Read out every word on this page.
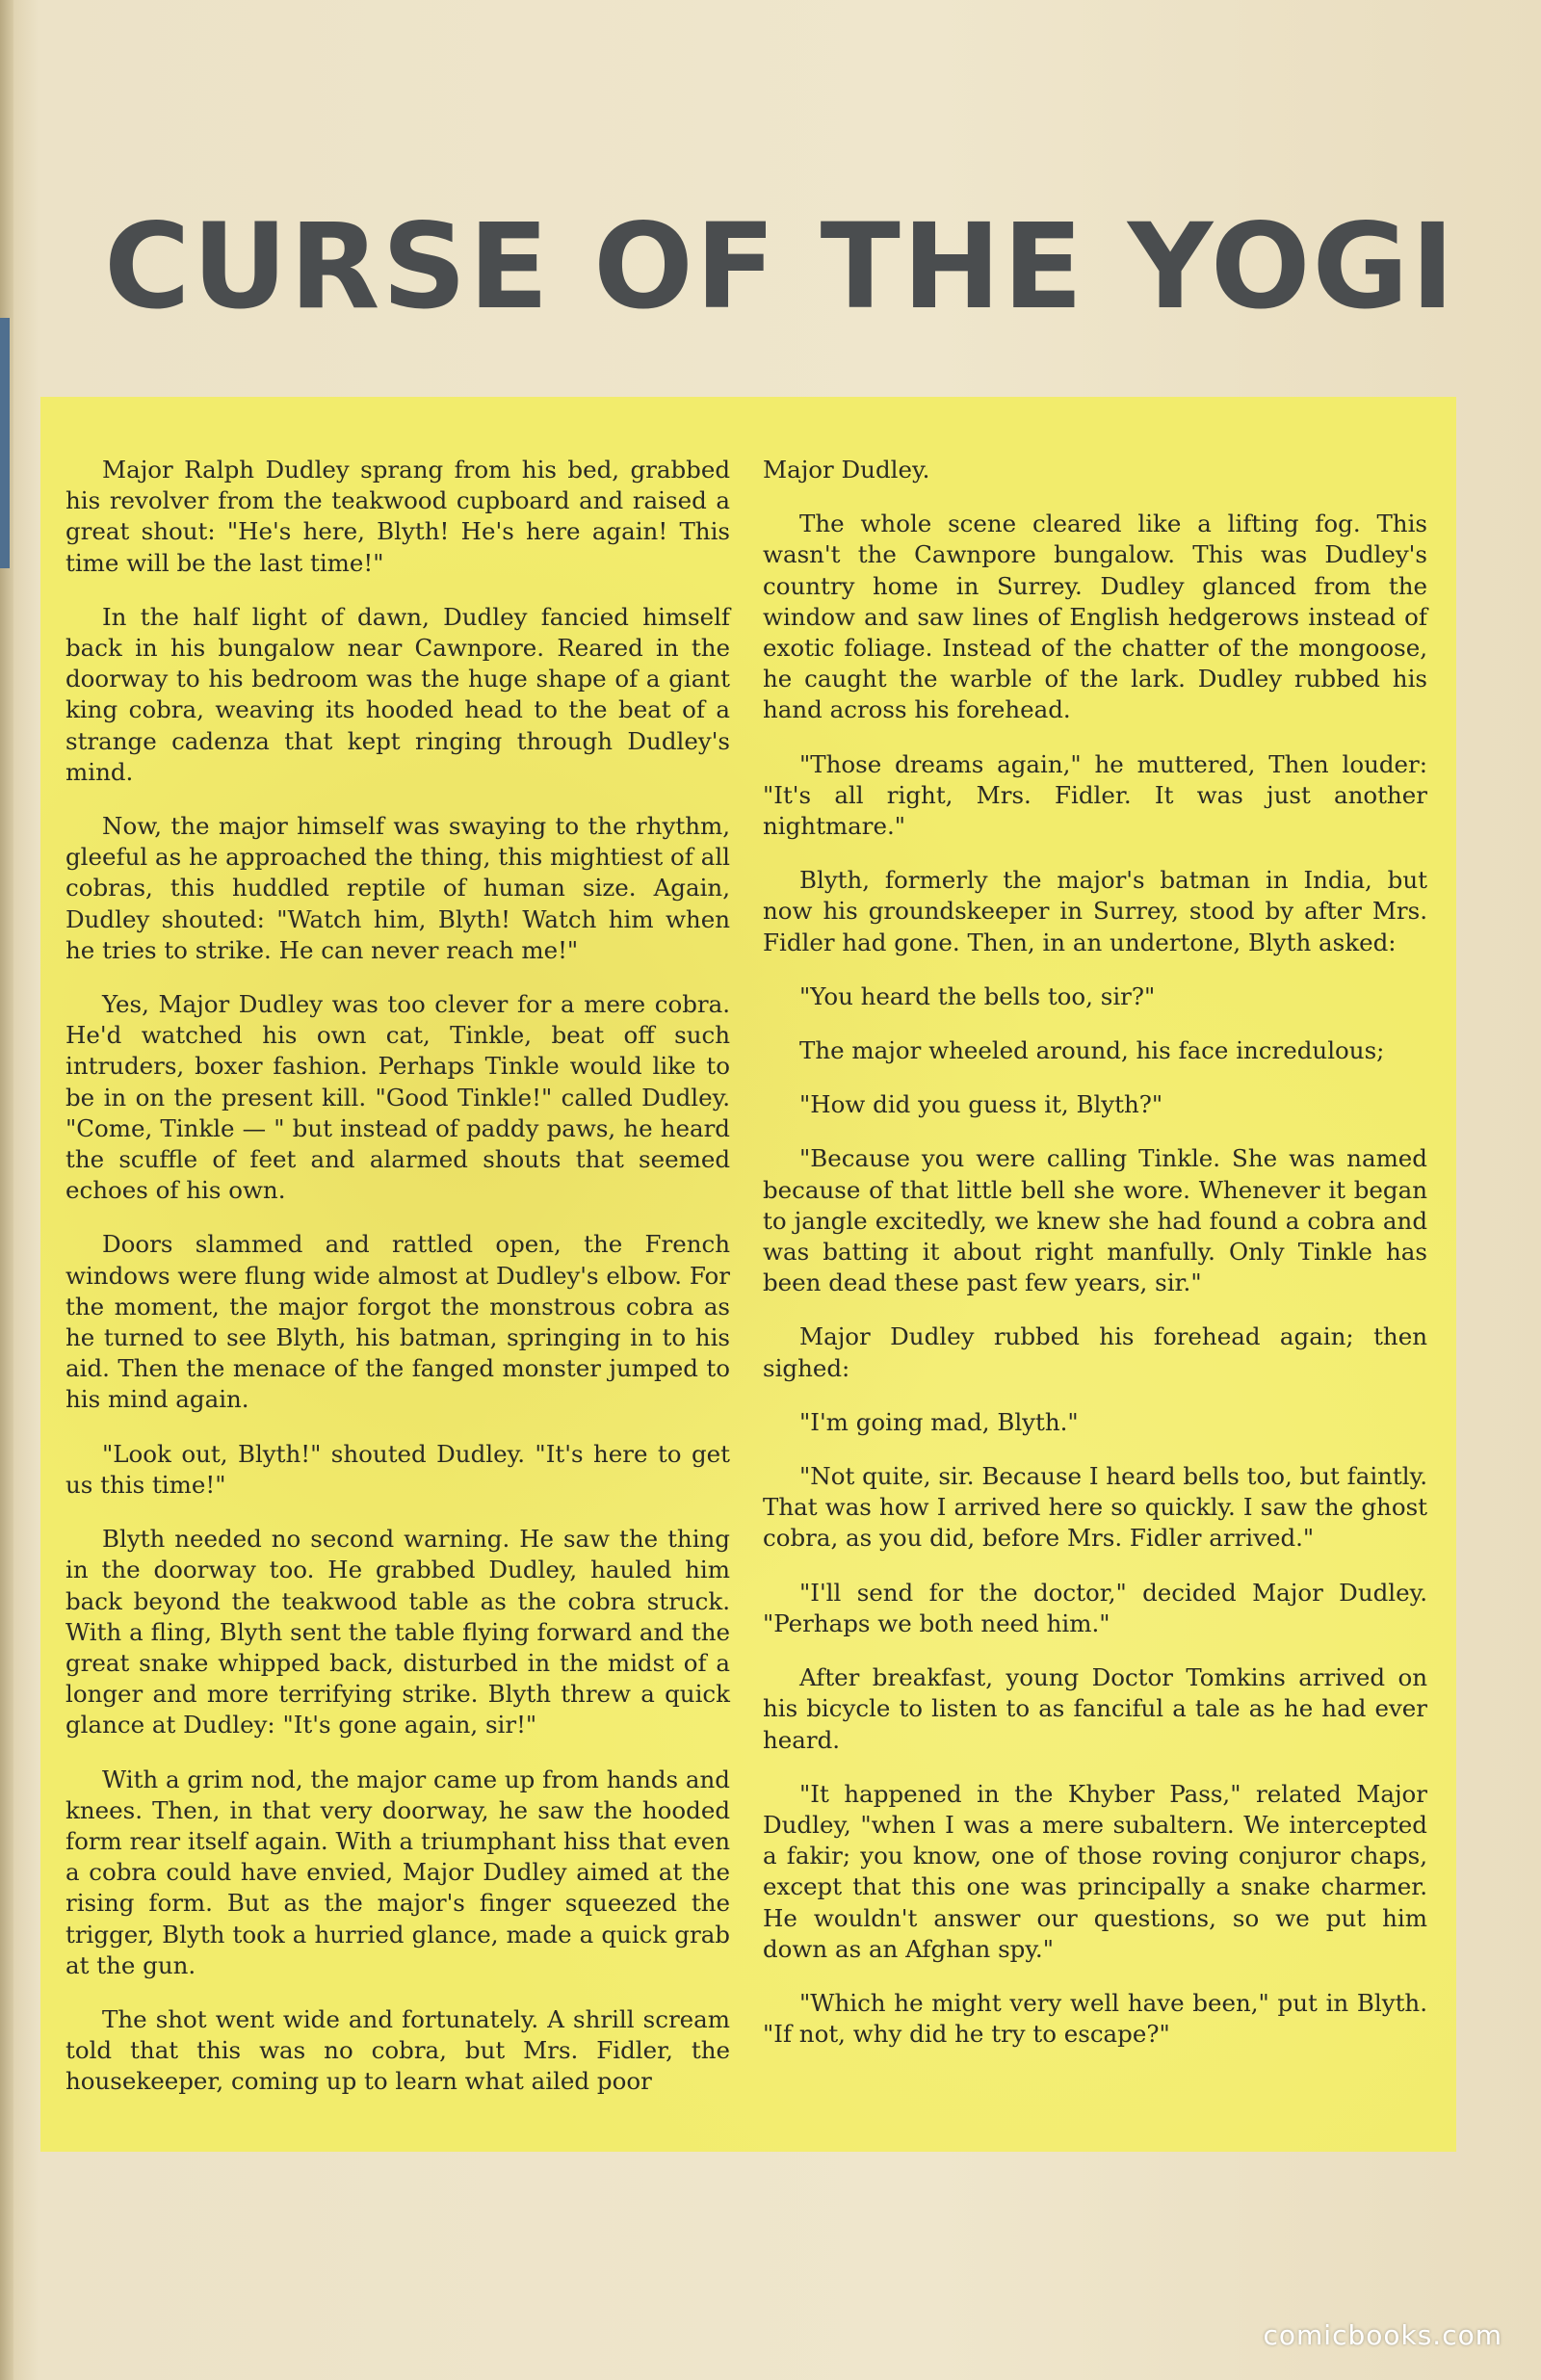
CURSE OF THE YOGI

Major Ralph Dudley sprang from his bed, grabbed his revolver from the teakwood cupboard and raised a great shout: "He's here, Blyth! He's here again! This time will be the last time!"

In the half light of dawn, Dudley fancied himself back in his bungalow near Cawnpore. Reared in the doorway to his bedroom was the huge shape of a giant king cobra, weaving its hooded head to the beat of a strange cadenza that kept ringing through Dudley's mind.

Now, the major himself was swaying to the rhythm, gleeful as he approached the thing, this mightiest of all cobras, this huddled reptile of human size. Again, Dudley shouted: "Watch him, Blyth! Watch him when he tries to strike. He can never reach me!"

Yes, Major Dudley was too clever for a mere cobra. He'd watched his own cat, Tinkle, beat off such intruders, boxer fashion. Perhaps Tinkle would like to be in on the present kill. "Good Tinkle!" called Dudley. "Come, Tinkle — " but instead of paddy paws, he heard the scuffle of feet and alarmed shouts that seemed echoes of his own.

Doors slammed and rattled open, the French windows were flung wide almost at Dudley's elbow. For the moment, the major forgot the monstrous cobra as he turned to see Blyth, his batman, springing in to his aid. Then the menace of the fanged monster jumped to his mind again.

"Look out, Blyth!" shouted Dudley. "It's here to get us this time!"

Blyth needed no second warning. He saw the thing in the doorway too. He grabbed Dudley, hauled him back beyond the teakwood table as the cobra struck. With a fling, Blyth sent the table flying forward and the great snake whipped back, disturbed in the midst of a longer and more terrifying strike. Blyth threw a quick glance at Dudley: "It's gone again, sir!"

With a grim nod, the major came up from hands and knees. Then, in that very doorway, he saw the hooded form rear itself again. With a triumphant hiss that even a cobra could have envied, Major Dudley aimed at the rising form. But as the major's finger squeezed the trigger, Blyth took a hurried glance, made a quick grab at the gun.

The shot went wide and fortunately. A shrill scream told that this was no cobra, but Mrs. Fidler, the housekeeper, coming up to learn what ailed poor

Major Dudley.

The whole scene cleared like a lifting fog. This wasn't the Cawnpore bungalow. This was Dudley's country home in Surrey. Dudley glanced from the window and saw lines of English hedgerows instead of exotic foliage. Instead of the chatter of the mongoose, he caught the warble of the lark. Dudley rubbed his hand across his forehead.

"Those dreams again," he muttered, Then louder: "It's all right, Mrs. Fidler. It was just another nightmare."

Blyth, formerly the major's batman in India, but now his groundskeeper in Surrey, stood by after Mrs. Fidler had gone. Then, in an undertone, Blyth asked:

"You heard the bells too, sir?"

The major wheeled around, his face incredulous;

"How did you guess it, Blyth?"

"Because you were calling Tinkle. She was named because of that little bell she wore. Whenever it began to jangle excitedly, we knew she had found a cobra and was batting it about right manfully. Only Tinkle has been dead these past few years, sir."

Major Dudley rubbed his forehead again; then sighed:

"I'm going mad, Blyth."

"Not quite, sir. Because I heard bells too, but faintly. That was how I arrived here so quickly. I saw the ghost cobra, as you did, before Mrs. Fidler arrived."

"I'll send for the doctor," decided Major Dudley. "Perhaps we both need him."

After breakfast, young Doctor Tomkins arrived on his bicycle to listen to as fanciful a tale as he had ever heard.

"It happened in the Khyber Pass," related Major Dudley, "when I was a mere subaltern. We intercepted a fakir; you know, one of those roving conjuror chaps, except that this one was principally a snake charmer. He wouldn't answer our questions, so we put him down as an Afghan spy."

"Which he might very well have been," put in Blyth. "If not, why did he try to escape?"

comicbooks.com
